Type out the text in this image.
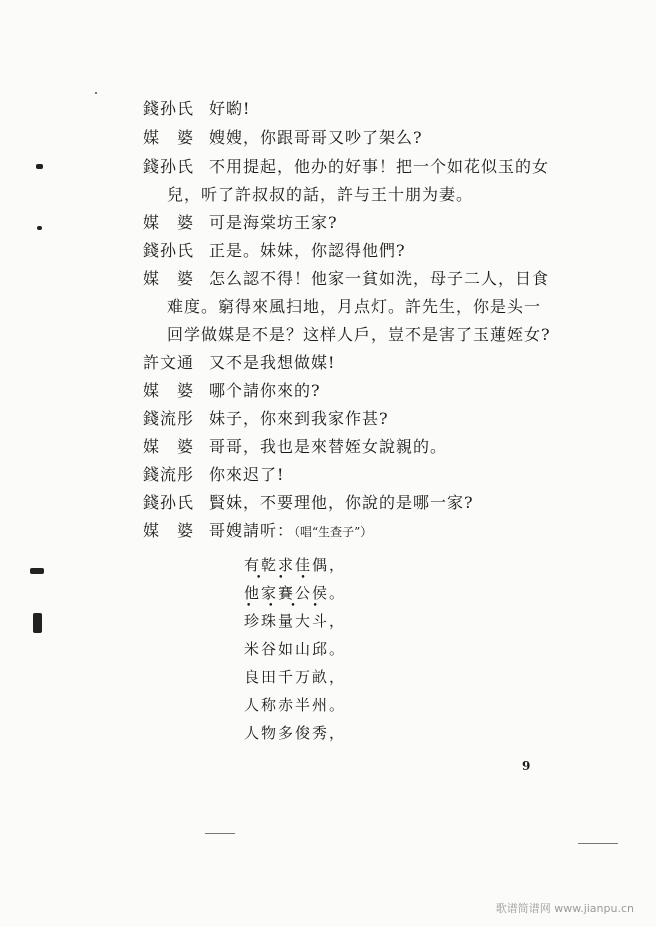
錢孙氏 好喲!
媒　婆 嫂嫂，你跟哥哥又吵了架么?
錢孙氏 不用提起，他办的好事！把一个如花似玉的女
兒，听了許叔叔的話，許与王十朋为妻。
媒　婆 可是海棠坊王家?
錢孙氏 正是。妹妹，你認得他們?
媒　婆 怎么認不得！他家一貧如洗，母子二人，日食
难度。窮得來風扫地，月点灯。許先生，你是头一
回学做媒是不是？这样人戶，豈不是害了玉蓮姪女?
許文通 又不是我想做媒!
媒　婆 哪个請你來的?
錢流彤 妹子，你來到我家作甚?
媒　婆 哥哥，我也是來替姪女說親的。
錢流彤 你來迟了!
錢孙氏 賢妹，不要理他，你說的是哪一家?
媒　婆 哥嫂請听：（唱“生查子”）
有乾求佳偶，
• • •
他家賽公侯。
• • • •
珍珠量大斗，
米谷如山邱。
良田千万畝，
人称赤半州。
人物多俊秀，
9
歌谱简谱网 www.jianpu.cn
